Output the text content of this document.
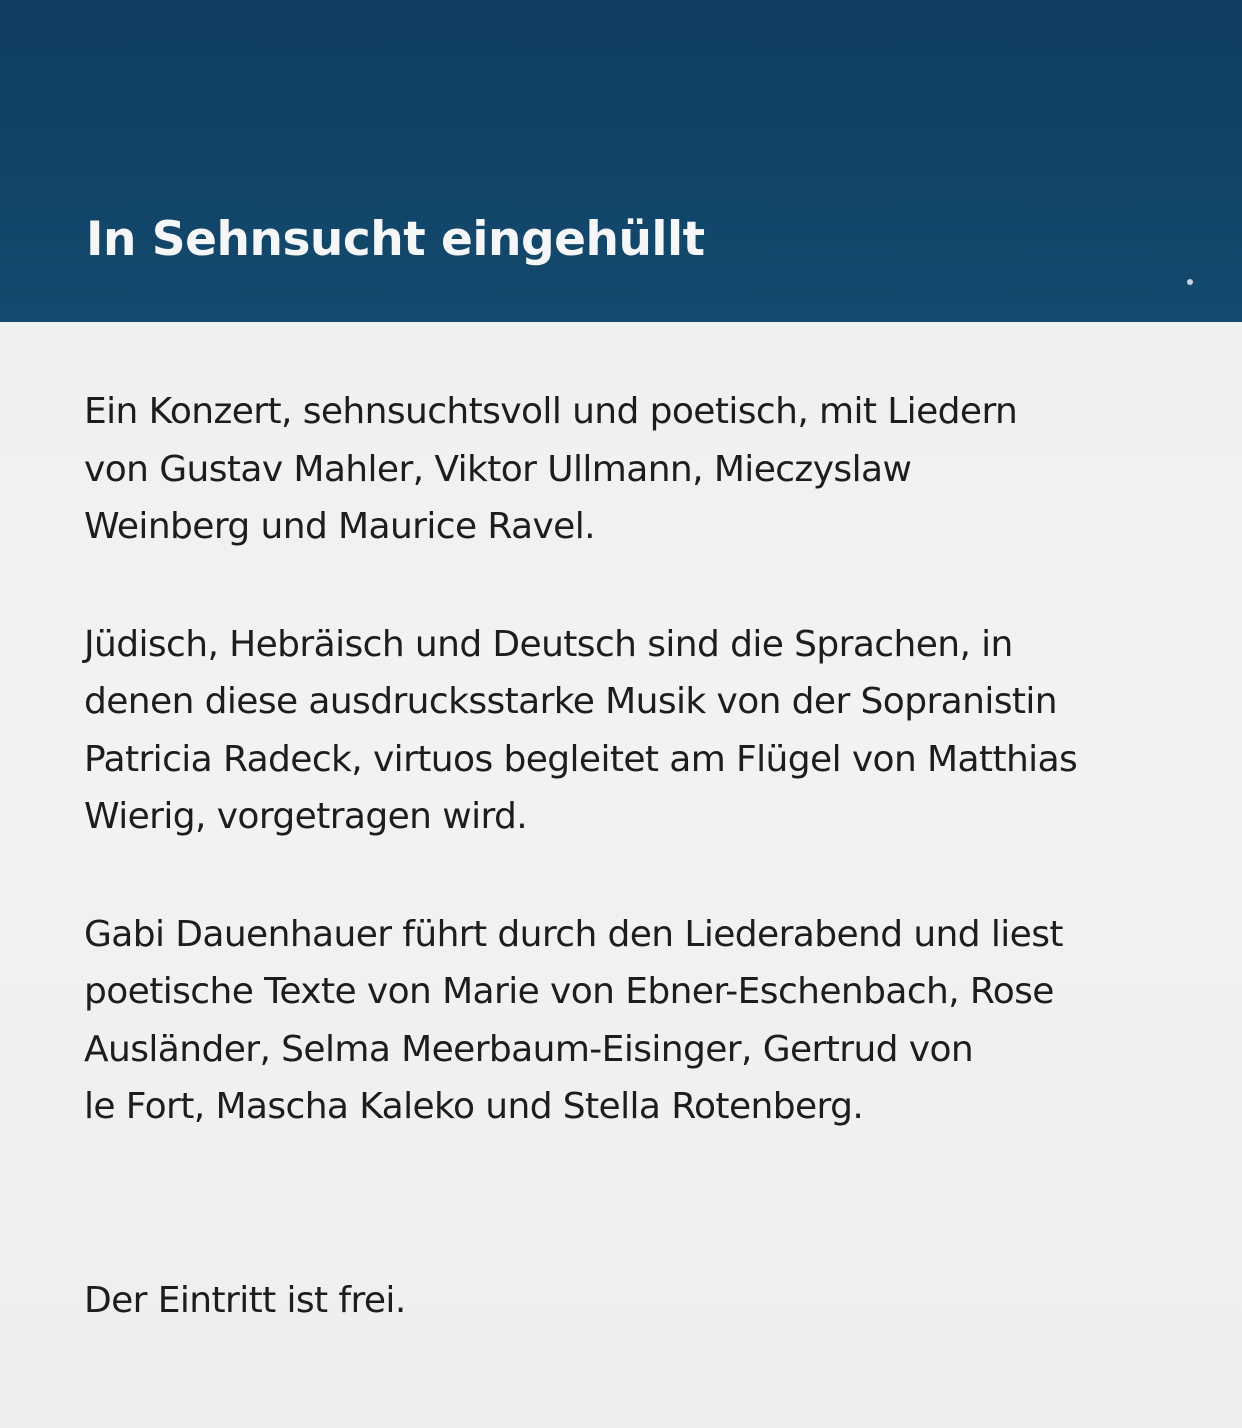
In Sehnsucht eingehüllt

Ein Konzert, sehnsuchtsvoll und poetisch, mit Liedern
von Gustav Mahler, Viktor Ullmann, Mieczyslaw
Weinberg und Maurice Ravel.

Jüdisch, Hebräisch und Deutsch sind die Sprachen, in
denen diese ausdrucksstarke Musik von der Sopranistin
Patricia Radeck, virtuos begleitet am Flügel von Matthias
Wierig, vorgetragen wird.

Gabi Dauenhauer führt durch den Liederabend und liest
poetische Texte von Marie von Ebner-Eschenbach, Rose
Ausländer, Selma Meerbaum-Eisinger, Gertrud von
le Fort, Mascha Kaleko und Stella Rotenberg.

Der Eintritt ist frei.
